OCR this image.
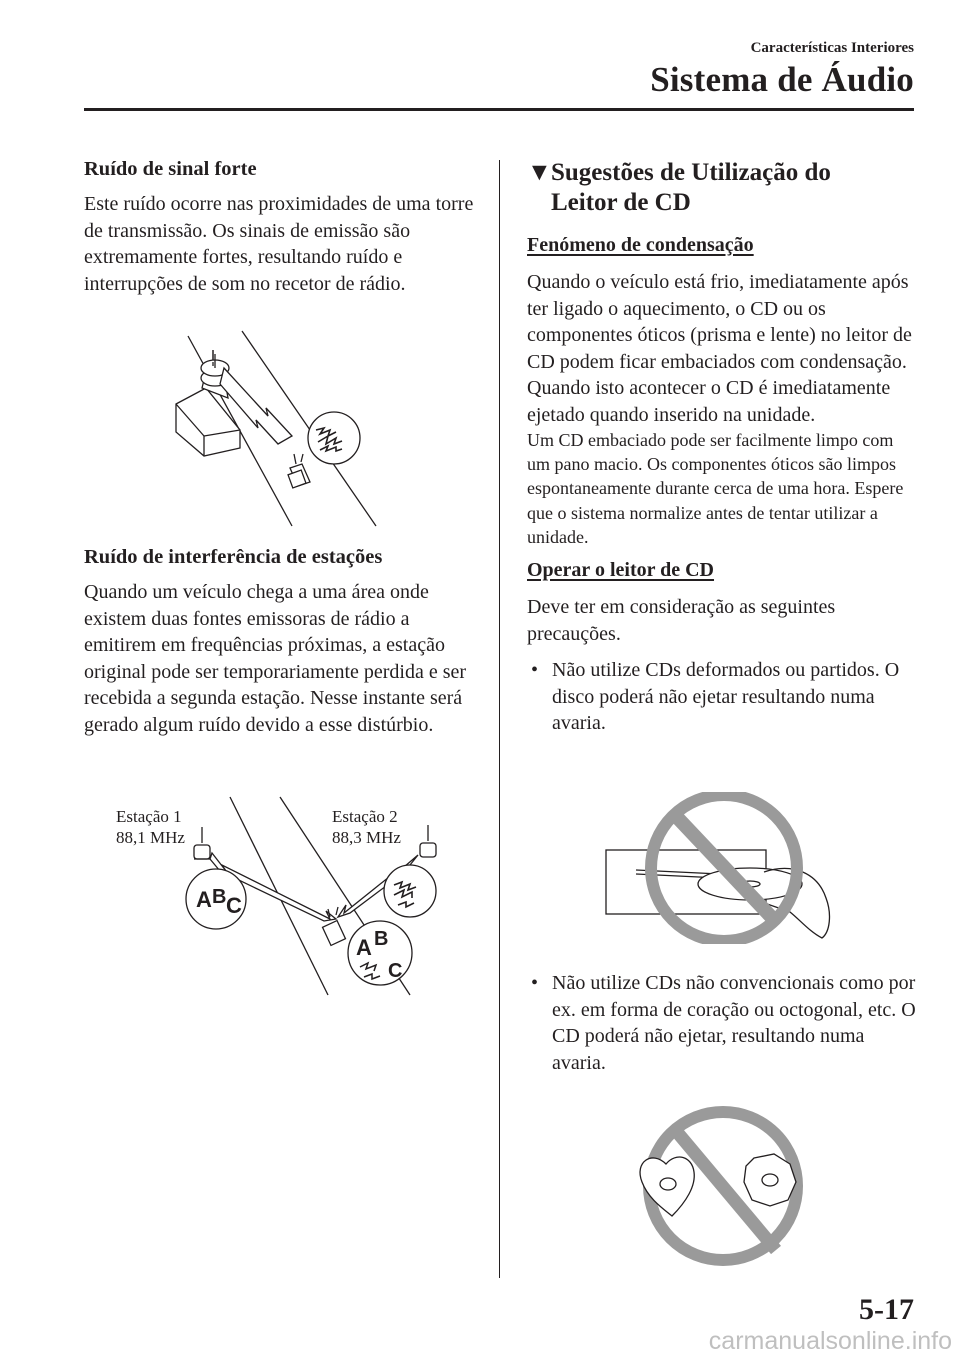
Características Interiores
Sistema de Áudio
Ruído de sinal forte

Este ruído ocorre nas proximidades de uma torre de transmissão. Os sinais de emissão são extremamente fortes, resultando ruído e interrupções de som no recetor de rádio.

Ruído de interferência de estações

Quando um veículo chega a uma área onde existem duas fontes emissoras de rádio a emitirem em frequências próximas, a estação original pode ser temporariamente perdida e ser recebida a segunda estação. Nesse instante será gerado algum ruído devido a esse distúrbio.

Estação 1
88,1 MHz
Estação 2
88,3 MHz
A B C
A B
C
▼Sugestões de Utilização do
Leitor de CD
Fenómeno de condensação

Quando o veículo está frio, imediatamente após ter ligado o aquecimento, o CD ou os componentes óticos (prisma e lente) no leitor de CD podem ficar embaciados com condensação. Quando isto acontecer o CD é imediatamente ejetado quando inserido na unidade.

Um CD embaciado pode ser facilmente limpo com um pano macio. Os componentes óticos são limpos espontaneamente durante cerca de uma hora. Espere que o sistema normalize antes de tentar utilizar a unidade.

Operar o leitor de CD

Deve ter em consideração as seguintes precauções.

• Não utilize CDs deformados ou partidos. O disco poderá não ejetar resultando numa avaria.
• Não utilize CDs não convencionais como por ex. em forma de coração ou octogonal, etc. O CD poderá não ejetar, resultando numa avaria.
5-17
carmanualsonline.info
